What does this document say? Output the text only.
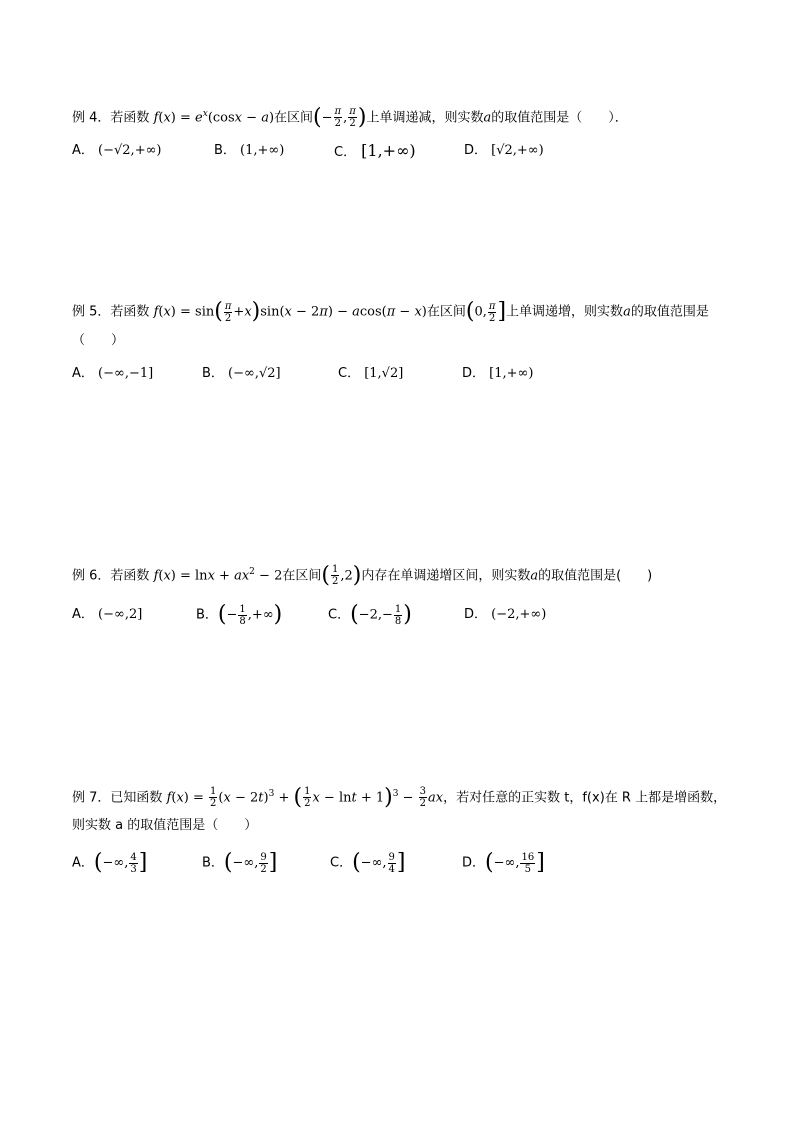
例 4．若函数 $f(x) = e^x(\cos x - a)$在区间(− $\frac{\pi}{2}$ , $\frac{\pi}{2}$ )上单调递减，则实数a的取值范围是（　　）．
A． (−√2,+∞)	B． (1,+∞)	C． [1,+∞)	D． [√2,+∞)
例 5．若函数 $f(x) = \sin( \frac{\pi}{2} +x)\sin(x - 2\pi) - acos(\pi - x)$在区间(0, $\frac{\pi}{2}$ ]上单调递增，则实数a的取值范围是
（　　）
A． (−∞,−1]	B． (−∞,√2]	C． [1,√2]	D． [1,+∞)
例 6．若函数 $f(x) = \ln x + ax^2 - 2$在区间( $\frac{1}{2} ,2$)内存在单调递增区间，则实数a的取值范围是(　　)
A． (−∞,2]	B．(− $\frac{1}{8}$ ,+∞)	C．($-2,- \frac{1}{8}$ )	D． (−2,+∞)
例 7．已知函数 $f(x) = \frac{1}{2} (x - 2t)^3$ + ( $\frac{1}{2}$ $x - \ln t + 1)^3 - \frac{3}{2}$ ax，若对任意的正实数 t，f(x)在 R 上都是增函数，
则实数 a 的取值范围是（　　）
A．(−∞, $\frac{4}{3}$ ]	B．(−∞, $\frac{9}{2}$ ]	C．(−∞, $\frac{9}{4}$ ]	D．(−∞, $\frac{16}{5}$ ]
